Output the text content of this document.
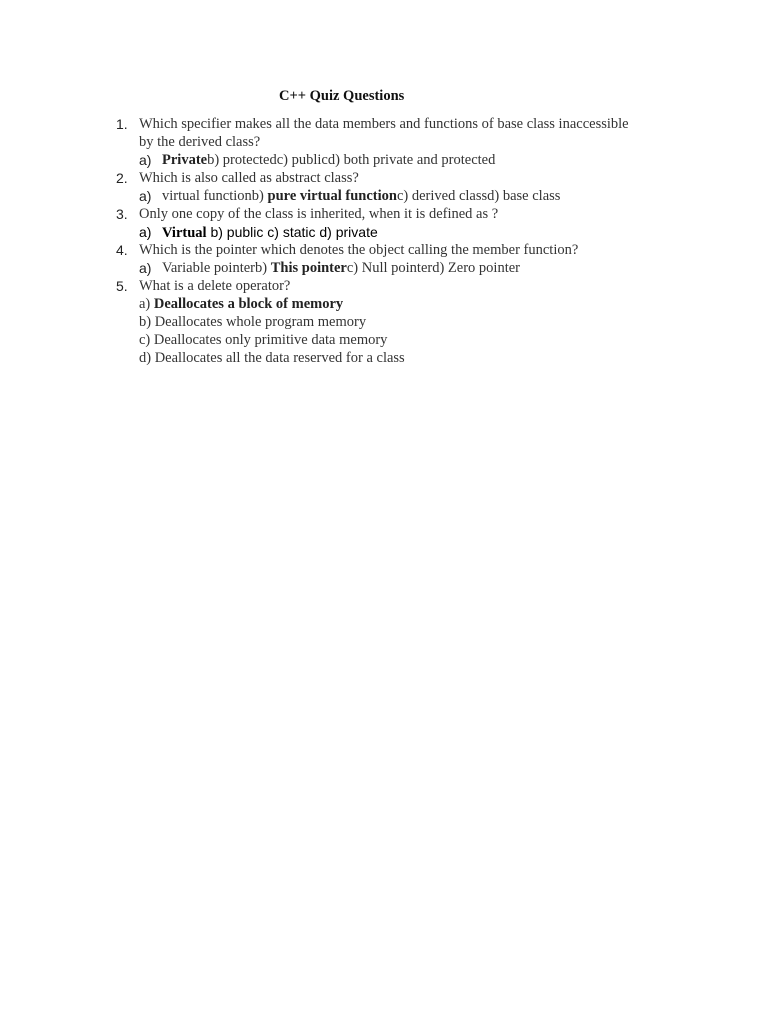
C++ Quiz Questions
1. Which specifier makes all the data members and functions of base class inaccessible
by the derived class?
a) Privateb) protectedc) publicd) both private and protected
2. Which is also called as abstract class?
a) virtual functionb) pure virtual functionc) derived classd) base class
3. Only one copy of the class is inherited, when it is defined as ?
a) Virtual b) public c) static d) private
4. Which is the pointer which denotes the object calling the member function?
a) Variable pointerb) This pointerc) Null pointerd) Zero pointer
5. What is a delete operator?
a) Deallocates a block of memory
b) Deallocates whole program memory
c) Deallocates only primitive data memory
d) Deallocates all the data reserved for a class
